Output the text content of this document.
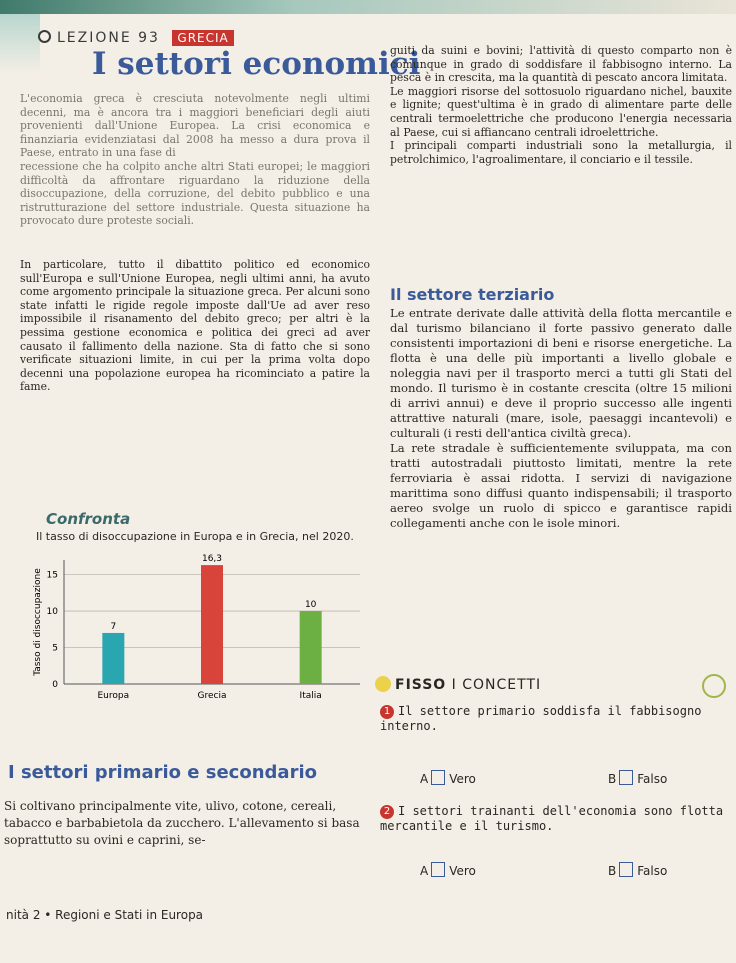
LEZIONE 93 GRECIA
I settori economici

L'economia greca è cresciuta notevolmente negli ultimi decenni, ma è ancora tra i maggiori beneficiari degli aiuti provenienti dall'Unione Europea. La crisi economica e finanziaria evidenziatasi dal 2008 ha messo a dura prova il Paese, entrato in una fase di

recessione che ha colpito anche altri Stati europei; le maggiori difficoltà da affrontare riguardano la riduzione della disoccupazione, della corruzione, del debito pubblico e una ristrutturazione del settore industriale. Questa situazione ha provocato dure proteste sociali.

In particolare, tutto il dibattito politico ed economico sull'Europa e sull'Unione Europea, negli ultimi anni, ha avuto come argomento principale la situazione greca. Per alcuni sono state infatti le rigide regole imposte dall'Ue ad aver reso impossibile il risanamento del debito greco; per altri è la pessima gestione economica e politica dei greci ad aver causato il fallimento della nazione. Sta di fatto che si sono verificate situazioni limite, in cui per la prima volta dopo decenni una popolazione europea ha ricominciato a patire la fame.

guiti da suini e bovini; l'attività di questo comparto non è comunque in grado di soddisfare il fabbisogno interno. La pesca è in crescita, ma la quantità di pescato ancora limitata.

Le maggiori risorse del sottosuolo riguardano nichel, bauxite e lignite; quest'ultima è in grado di alimentare parte delle centrali termoelettriche che producono l'energia necessaria al Paese, cui si affiancano centrali idroelettriche.

I principali comparti industriali sono la metallurgia, il petrolchimico, l'agroalimentare, il conciario e il tessile.

Il settore terziario

Le entrate derivate dalle attività della flotta mercantile e dal turismo bilanciano il forte passivo generato dalle consistenti importazioni di beni e risorse energetiche. La flotta è una delle più importanti a livello globale e noleggia navi per il trasporto merci a tutti gli Stati del mondo. Il turismo è in costante crescita (oltre 15 milioni di arrivi annui) e deve il proprio successo alle ingenti attrattive naturali (mare, isole, paesaggi incantevoli) e culturali (i resti dell'antica civiltà greca).

La rete stradale è sufficientemente sviluppata, ma con tratti autostradali piuttosto limitati, mentre la rete ferroviaria è assai ridotta. I servizi di navigazione marittima sono diffusi quanto indispensabili; il trasporto aereo svolge un ruolo di spicco e garantisce rapidi collegamenti anche con le isole minori.

Confronta
Il tasso di disoccupazione in Europa e in Grecia, nel 2020.
Tasso di disoccupazione
0
5
10
15
7
Europa
16,3
Grecia
10
Italia
I settori primario e secondario
Si coltivano principalmente vite, ulivo, cotone, cereali, tabacco e barbabietola da zucchero. L'allevamento si basa soprattutto su ovini e caprini, se-
nità 2 • Regioni e Stati in Europa
FISSO I CONCETTI
1 Il settore primario soddisfa il fabbisogno interno.
A Vero	B Falso
2 I settori trainanti dell'economia sono flotta mercantile e il turismo.
A Vero	B Falso
